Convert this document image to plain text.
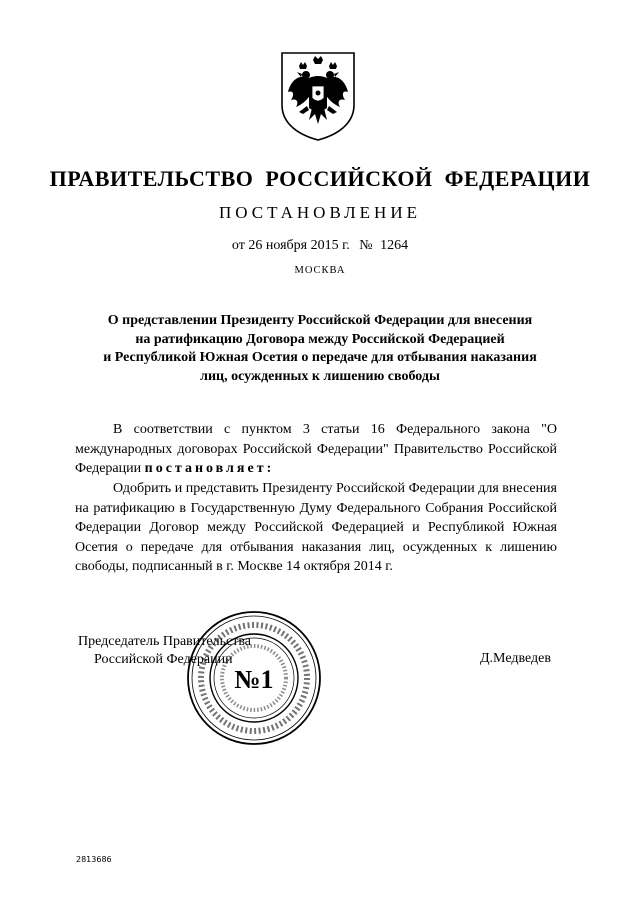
ПРАВИТЕЛЬСТВО РОССИЙСКОЙ ФЕДЕРАЦИИ
ПОСТАНОВЛЕНИЕ
от 26 ноября 2015 г. № 1264
МОСКВА
О представлении Президенту Российской Федерации для внесения
на ратификацию Договора между Российской Федерацией
и Республикой Южная Осетия о передаче для отбывания наказания
лиц, осужденных к лишению свободы
В соответствии с пунктом 3 статьи 16 Федерального закона "О международных договорах Российской Федерации" Правительство Российской Федерации постановляет:
Одобрить и представить Президенту Российской Федерации для внесения на ратификацию в Государственную Думу Федерального Собрания Российской Федерации Договор между Российской Федерацией и Республикой Южная Осетия о передаче для отбывания наказания лиц, осужденных к лишению свободы, подписанный в г. Москве 14 октября 2014 г.
Председатель Правительства
Российской Федерации	Д.Медведев
№1
2813686
